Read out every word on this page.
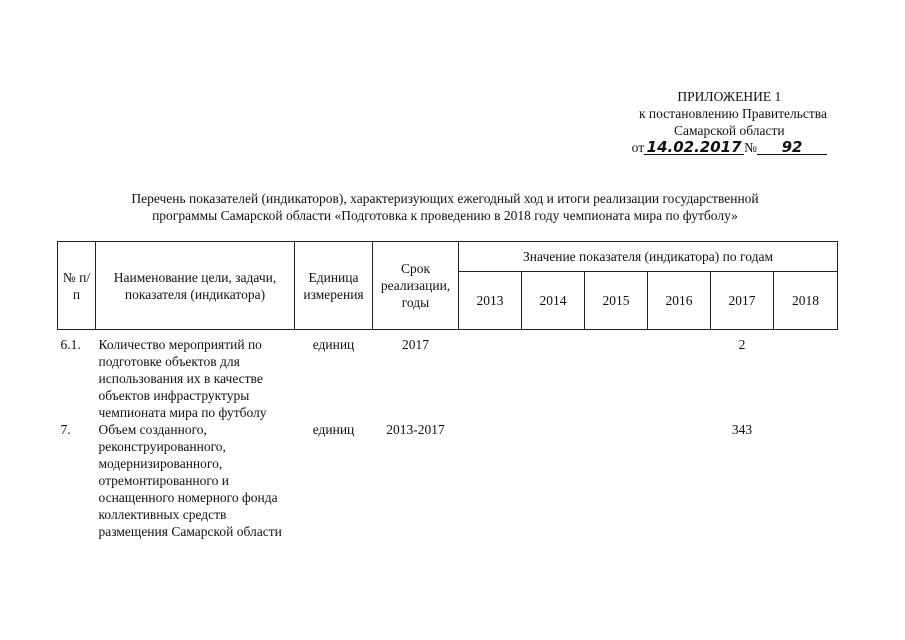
ПРИЛОЖЕНИЕ 1
к постановлению Правительства
Самарской области
от 14.02.2017 № 92
Перечень показателей (индикаторов), характеризующих ежегодный ход и итоги реализации государственной
программы Самарской области «Подготовка к проведению в 2018 году чемпионата мира по футболу»
№ п/п	Наименование цели, задачи, показателя (индикатора)	Единица измерения	Срок реализации, годы	Значение показателя (индикатора) по годам					
				2013	2014	2015	2016	2017	2018
6.1.	Количество мероприятий по подготовке объектов для использования их в качестве объектов инфраструктуры чемпионата мира по футболу	единиц	2017					2	
7.	Объем созданного, реконструированного, модернизированного, отремонтированного и оснащенного номерного фонда коллективных средств размещения Самарской области	единиц	2013-2017					343	
